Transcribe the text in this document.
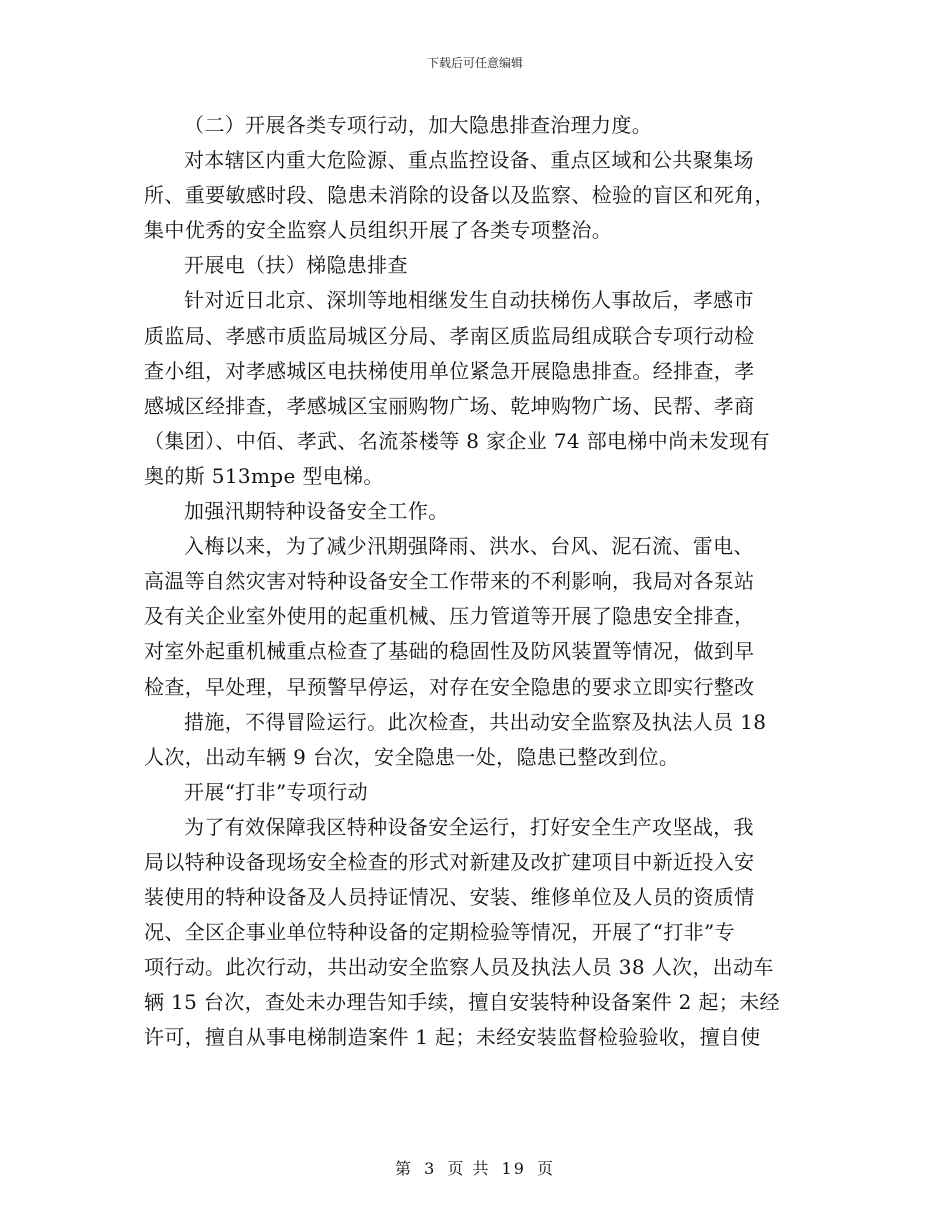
下载后可任意编辑
（二）开展各类专项行动，加大隐患排查治理力度。
对本辖区内重大危险源、重点监控设备、重点区域和公共聚集场
所、重要敏感时段、隐患未消除的设备以及监察、检验的盲区和死角，
集中优秀的安全监察人员组织开展了各类专项整治。
开展电（扶）梯隐患排查
针对近日北京、深圳等地相继发生自动扶梯伤人事故后，孝感市
质监局、孝感市质监局城区分局、孝南区质监局组成联合专项行动检
查小组，对孝感城区电扶梯使用单位紧急开展隐患排查。经排查，孝
感城区经排查，孝感城区宝丽购物广场、乾坤购物广场、民帮、孝商
（集团）、中佰、孝武、名流茶楼等 8 家企业 74 部电梯中尚未发现有
奥的斯 513mpe 型电梯。
加强汛期特种设备安全工作。
入梅以来，为了减少汛期强降雨、洪水、台风、泥石流、雷电、
高温等自然灾害对特种设备安全工作带来的不利影响，我局对各泵站
及有关企业室外使用的起重机械、压力管道等开展了隐患安全排查，
对室外起重机械重点检查了基础的稳固性及防风装置等情况，做到早
检查，早处理，早预警早停运，对存在安全隐患的要求立即实行整改
措施，不得冒险运行。此次检查，共出动安全监察及执法人员 18
人次，出动车辆 9 台次，安全隐患一处，隐患已整改到位。
开展“打非”专项行动
为了有效保障我区特种设备安全运行，打好安全生产攻坚战，我
局以特种设备现场安全检查的形式对新建及改扩建项目中新近投入安
装使用的特种设备及人员持证情况、安装、维修单位及人员的资质情
况、全区企事业单位特种设备的定期检验等情况，开展了“打非”专
项行动。此次行动，共出动安全监察人员及执法人员 38 人次，出动车
辆 15 台次，查处未办理告知手续，擅自安装特种设备案件 2 起；未经
许可，擅自从事电梯制造案件 1 起；未经安装监督检验验收，擅自使
第 3 页 共 19 页
